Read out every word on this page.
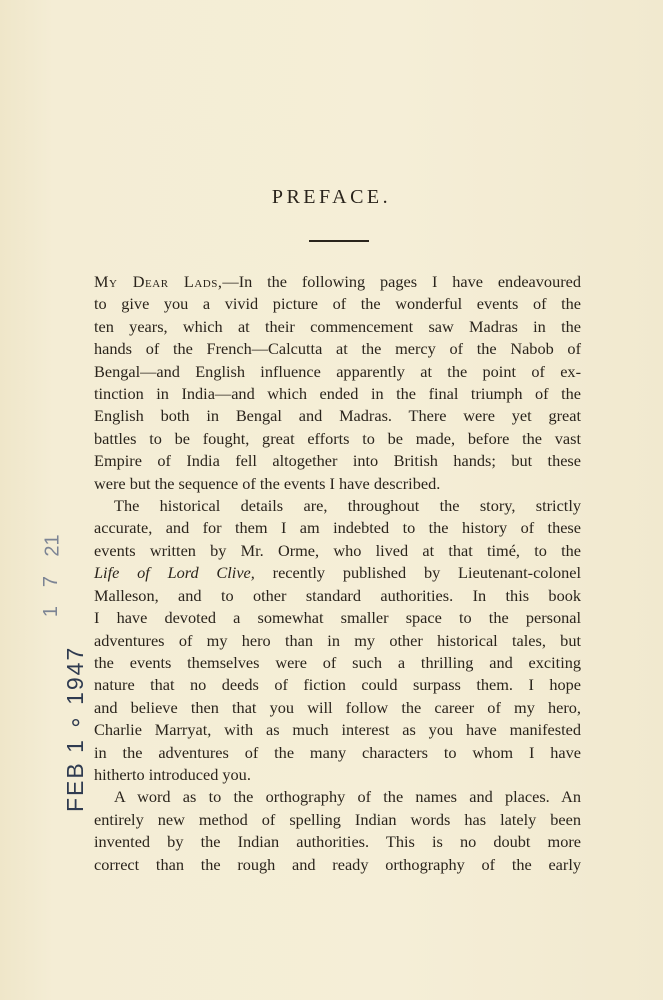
PREFACE.
21
7
1
FEB 1 ∘ 1947

My Dear Lads,—In the following pages I have endeavoured
to give you a vivid picture of the wonderful events of the
ten years, which at their commencement saw Madras in the
hands of the French—Calcutta at the mercy of the Nabob of
Bengal—and English influence apparently at the point of ex-
tinction in India—and which ended in the final triumph of the
English both in Bengal and Madras. There were yet great
battles to be fought, great efforts to be made, before the vast
Empire of India fell altogether into British hands; but these
were but the sequence of the events I have described.

The historical details are, throughout the story, strictly
accurate, and for them I am indebted to the history of these
events written by Mr. Orme, who lived at that timé, to the
Life of Lord Clive, recently published by Lieutenant-colonel
Malleson, and to other standard authorities. In this book
I have devoted a somewhat smaller space to the personal
adventures of my hero than in my other historical tales, but
the events themselves were of such a thrilling and exciting
nature that no deeds of fiction could surpass them. I hope
and believe then that you will follow the career of my hero,
Charlie Marryat, with as much interest as you have manifested
in the adventures of the many characters to whom I have
hitherto introduced you.

A word as to the orthography of the names and places. An
entirely new method of spelling Indian words has lately been
invented by the Indian authorities. This is no doubt more
correct than the rough and ready orthography of the early
